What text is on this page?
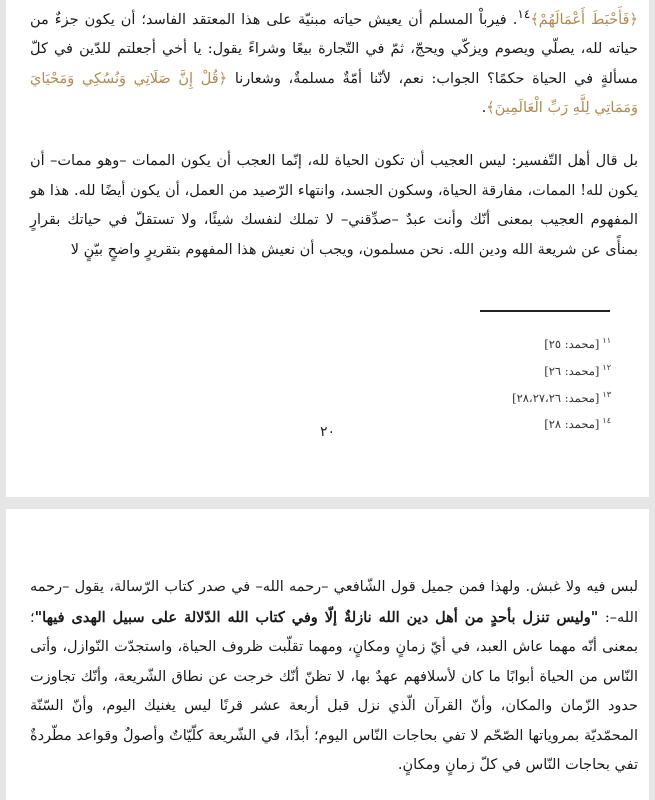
﴿فَأَحْبَطَ أَعْمَالَهُمْ﴾$^{١٤}$. فيرباْ المسلم أن يعيش حياته مبنيّة على هذا المعتقد الفاسد؛ أن يكون جزءٌ من حياته لله، يصلّي ويصوم ويزكّي ويحجّ، ثمّ في التّجارة بيعًا وشراءً يقول: يا أخي أجعلتم للدّين في كلّ مسألةٍ في الحياة حكمًا؟ الجواب: نعم، لأنّنا أمّةٌ مسلمةٌ، وشعارنا ﴿قُلْ إِنَّ صَلَاتِي وَنُسُكِي وَمَحْيَايَ وَمَمَاتِي لِلَّهِ رَبِّ الْعَالَمِينَ﴾.

بل قال أهل التّفسير: ليس العجيب أن تكون الحياة لله، إنّما العجب أن يكون الممات –وهو ممات– أن يكون لله! الممات، مفارقة الحياة، وسكون الجسد، وانتهاء الرّصيد من العمل، أن يكون أيضًا لله. هذا هو المفهوم العجيب بمعنى أنّك وأنت عبدٌ –صدِّقني– لا تملك لنفسك شيئًا، ولا تستقلّ في حياتك بقرارٍ بمنأًى عن شريعة الله ودين الله. نحن مسلمون، ويجب أن نعيش هذا المفهوم بتقريرٍ واضحٍ بيّنٍ لا

$^{١١}$[محمد: ٢٥]
$^{١٢}$[محمد: ٢٦]
$^{١٣}$[محمد: ٢٨،٢٧،٢٦]
$^{١٤}$[محمد: ٢٨]
٢٠

لبس فيه ولا غبش. ولهذا فمن جميل قول الشّافعي –رحمه الله– في صدر كتاب الرّسالة، يقول –رحمه الله–: "وليس تنزل بأحدٍ من أهل دين الله نازلةٌ إلّا وفي كتاب الله الدّلالة على سبيل الهدى فيها"؛ بمعنى أنّه مهما عاش العبد، في أيّ زمانٍ ومكانٍ، ومهما تقلّبت ظروف الحياة، واستجدّت النّوازل، وأتى النّاس من الحياة أبوابًا ما كان لأسلافهم عهدٌ بها، لا تظنّ أنّك خرجت عن نطاق الشّريعة، وأنّك تجاوزت حدود الزّمان والمكان، وأنّ القرآن الّذي نزل قبل أربعة عشر قرنًا ليس يغنيك اليوم، وأنّ السّنّة المحمّديّة بمروياتها الصّحّم لا تفي بحاجات النّاس اليوم؛ أبدًا، في الشّريعة كلّيّاتٌ وأصولٌ وقواعد مطّردةٌ تفي بحاجات النّاس في كلّ زمانٍ ومكانٍ.
